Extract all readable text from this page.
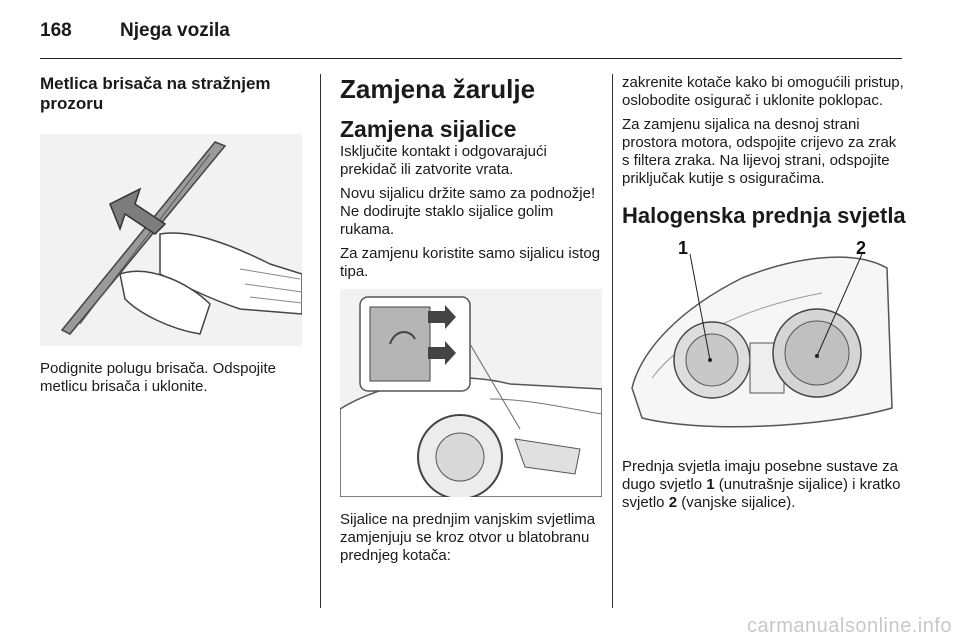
168	Njega vozila
Metlica brisača na stražnjem prozoru

Podignite polugu brisača. Odspojite metlicu brisača i uklonite.

Zamjena žarulje
Zamjena sijalice

Isključite kontakt i odgovarajući prekidač ili zatvorite vrata.

Novu sijalicu držite samo za podnožje! Ne dodirujte staklo sijalice golim rukama.

Za zamjenu koristite samo sijalicu istog tipa.

Sijalice na prednjim vanjskim svjetlima zamjenjuju se kroz otvor u blatobranu prednjeg kotača:

zakrenite kotače kako bi omogućili pristup, oslobodite osigurač i uklonite poklopac.

Za zamjenu sijalica na desnoj strani prostora motora, odspojite crijevo za zrak s filtera zraka. Na lijevoj strani, odspojite priključak kutije s osiguračima.

Halogenska prednja svjetla
1	2

Prednja svjetla imaju posebne sustave za dugo svjetlo 1 (unutrašnje sijalice) i kratko svjetlo 2 (vanjske sijalice).

carmanualsonline.info
